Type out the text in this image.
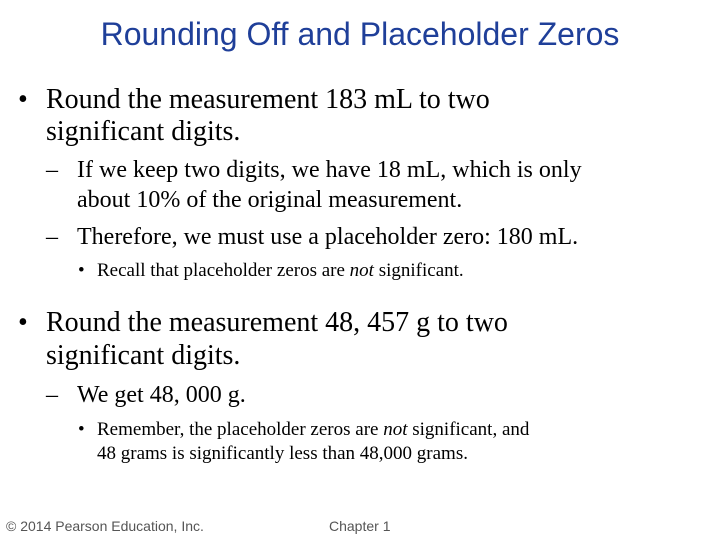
Rounding Off and Placeholder Zeros
• Round the measurement 183 mL to two
significant digits.
– If we keep two digits, we have 18 mL, which is only
about 10% of the original measurement.
– Therefore, we must use a placeholder zero: 180 mL.
• Recall that placeholder zeros are not significant.
• Round the measurement 48, 457 g to two
significant digits.
– We get 48, 000 g.
• Remember, the placeholder zeros are not significant, and
48 grams is significantly less than 48,000 grams.
© 2014 Pearson Education, Inc.	Chapter 1
